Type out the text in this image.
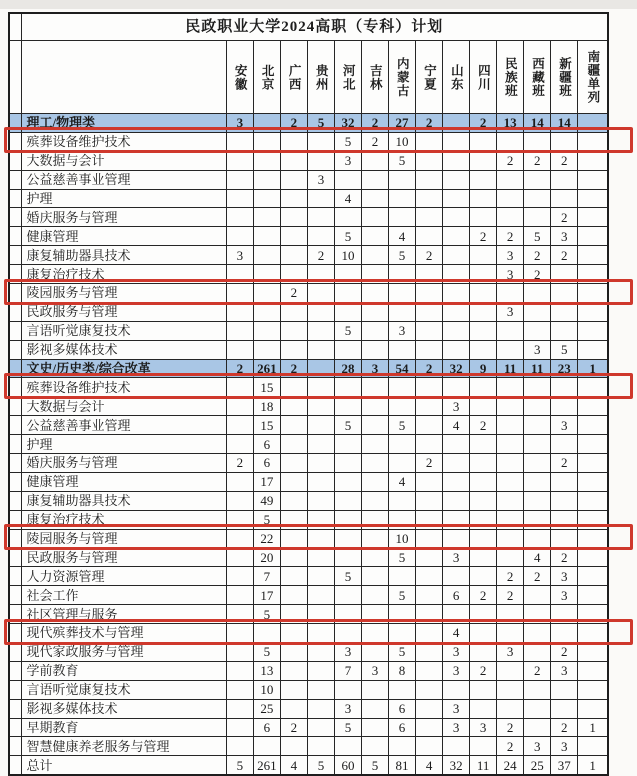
	民政职业大学2024高职（专科）计划														

		安徽	北京	广西	贵州	河北	吉林	内蒙古	宁夏	山东	四川	民族班	西藏班	新疆班	南疆单列

	理工/物理类	3		2	5	32	2	27	2		2	13	14	14	
	殡葬设备维护技术					5	2	10							
	大数据与会计					3		5				2	2	2	
	公益慈善事业管理				3										
	护理					4									
	婚庆服务与管理													2	
	健康管理					5		4			2	2	5	3	
	康复辅助器具技术	3			2	10		5	2			3	2	2	
	康复治疗技术											3	2		
	陵园服务与管理			2											
	民政服务与管理											3			
	言语听觉康复技术					5		3							
	影视多媒体技术												3	5	
	文史/历史类/综合改革	2	261	2		28	3	54	2	32	9	11	11	23	1
	殡葬设备维护技术		15												
	大数据与会计		18							3					
	公益慈善事业管理		15			5		5		4	2			3	
	护理		6												
	婚庆服务与管理	2	6						2					2	
	健康管理		17					4							
	康复辅助器具技术		49												
	康复治疗技术		5												
	陵园服务与管理		22					10							
	民政服务与管理		20					5		3			4	2	
	人力资源管理		7			5						2	2	3	
	社会工作		17					5		6	2	2		3	
	社区管理与服务		5												
	现代殡葬技术与管理									4					
	现代家政服务与管理		5			3		5		3		3		2	
	学前教育		13			7	3	8		3	2		2	3	
	言语听觉康复技术		10												
	影视多媒体技术		25			3		6		3					
	早期教育		6	2		5		6		3	3	2		2	1
	智慧健康养老服务与管理											2	3	3	
	总计	5	261	4	5	60	5	81	4	32	11	24	25	37	1
